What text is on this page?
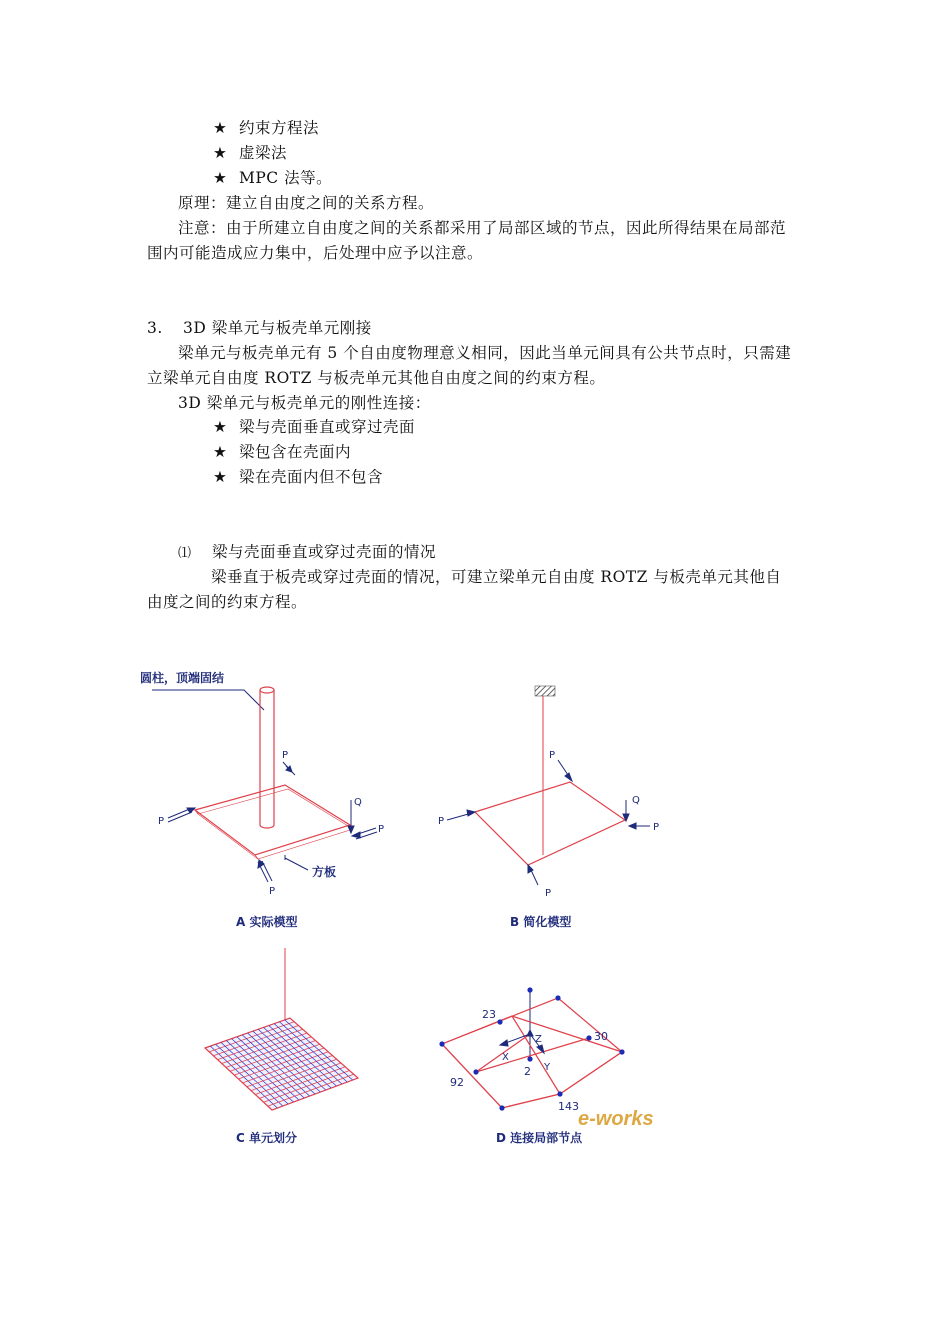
★ 约束方程法
★ 虚梁法
★ MPC 法等。
原理：建立自由度之间的关系方程。
注意：由于所建立自由度之间的关系都采用了局部区域的节点，因此所得结果在局部范
围内可能造成应力集中，后处理中应予以注意。
3. 3D 梁单元与板壳单元刚接
梁单元与板壳单元有 5 个自由度物理意义相同，因此当单元间具有公共节点时，只需建
立梁单元自由度 ROTZ 与板壳单元其他自由度之间的约束方程。
3D 梁单元与板壳单元的刚性连接：
★ 梁与壳面垂直或穿过壳面
★ 梁包含在壳面内
★ 梁在壳面内但不包含
⑴ 梁与壳面垂直或穿过壳面的情况
梁垂直于板壳或穿过壳面的情况，可建立梁单元自由度 ROTZ 与板壳单元其他自
由度之间的约束方程。
圆柱，顶端固结
P
P
Q
P
P
方板
A 实际模型
P
P
Q
P
P
B 简化模型
C 单元划分
23
30
2
92
143
Z
X
Y
e-works
D 连接局部节点
